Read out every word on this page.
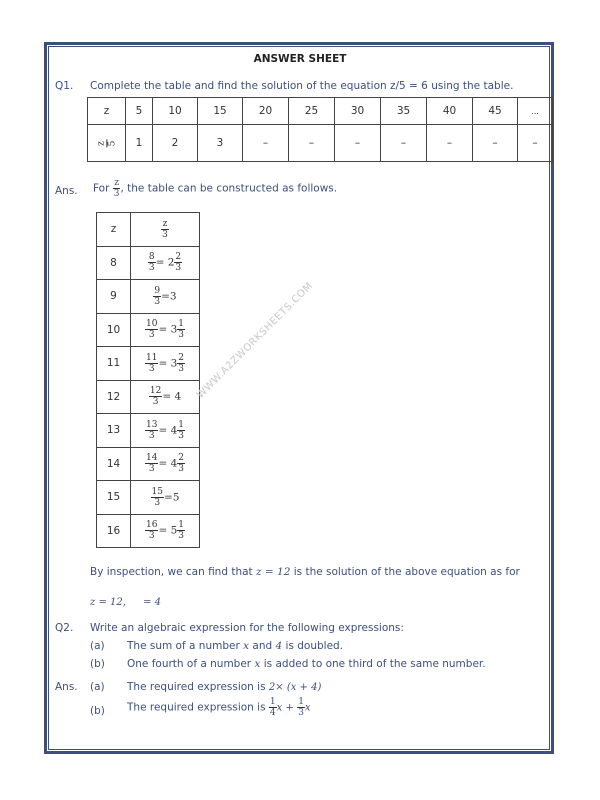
ANSWER SHEET
Q1. Complete the table and find the solution of the equation z/5 = 6 using the table.
z	5	10	15	20	25	30	35	40	45	...

z 5	1	2	3	–	–	–	–	–	–	–
Ans. For $\frac{z}{3}$ , the table can be constructed as follows.
z	$\frac{z}{3}$

8	$\frac{8}{3} = 2 \frac{2}{3}$

9	$\frac{9}{3} =3$
10	$\frac{10}{3} = 3 \frac{1}{3}$

11	$\frac{11}{3} = 3 \frac{2}{3}$

12	$\frac{12}{3} = 4$
13	$\frac{13}{3} = 4 \frac{1}{3}$

14	$\frac{14}{3} = 4 \frac{2}{3}$

15	$\frac{15}{3} =5$
16	$\frac{16}{3} = 5 \frac{1}{3}$
WWW.A2ZWORKSHEETS.COM
By inspection, we can find that z = 12 is the solution of the above equation as for
z = 12, = 4
Q2. Write an algebraic expression for the following expressions:
(a) The sum of a number x and 4 is doubled.
(b) One fourth of a number x is added to one third of the same number.
Ans. (a) The required expression is 2× (x + 4)
(b) The required expression is $\frac{1}{4}$ $x + \frac{1}{3}$ x
